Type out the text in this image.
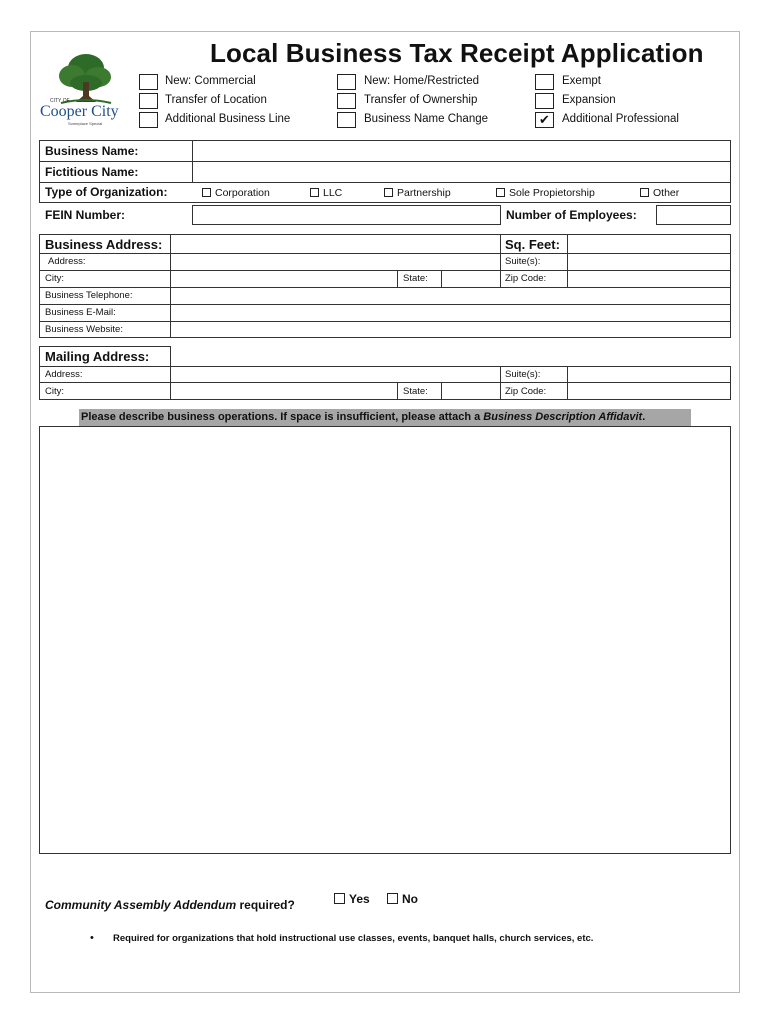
CITY OF
Cooper City
Someplace Special
Local Business Tax Receipt Application
New: Commercial
Transfer of Location
Additional Business Line
New: Home/Restricted
Transfer of Ownership
Business Name Change
Exempt
Expansion
✔	Additional Professional
Business Name:
Fictitious Name:
Type of Organization:	Corporation	LLC	Partnership	Sole Propietorship	Other
FEIN Number:	Number of Employees:
Business Address:	Sq. Feet:
Address:	Suite(s):
City:	State:	Zip Code:
Business Telephone:
Business E-Mail:
Business Website:
Mailing Address:
Address:	Suite(s):
City:	State:	Zip Code:
Please describe business operations. If space is insufficient, please attach a Business Description Affidavit.
Community Assembly Addendum required?	Yes	No
• Required for organizations that hold instructional use classes, events, banquet halls, church services, etc.
